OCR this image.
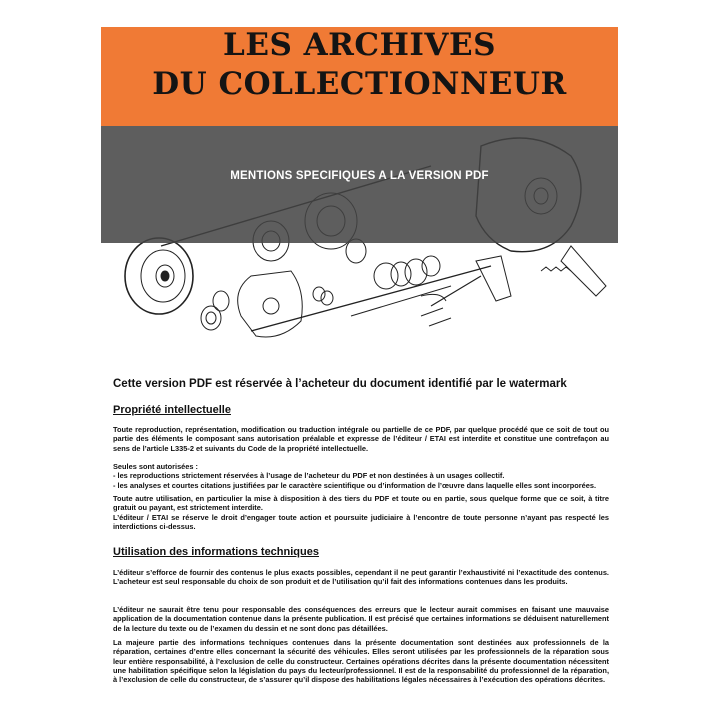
LES ARCHIVES
DU COLLECTIONNEUR
MENTIONS SPECIFIQUES A LA VERSION PDF
Cette version PDF est réservée à l’acheteur du document identifié par le watermark
Propriété intellectuelle
Toute reproduction, représentation, modification ou traduction intégrale ou partielle de ce PDF, par quelque procédé que ce soit de tout ou partie des éléments le composant sans autorisation préalable et expresse de l’éditeur / ETAI est interdite et constitue une contrefaçon au sens de l’article L335-2 et suivants du Code de la propriété intellectuelle.
Seules sont autorisées :
- les reproductions strictement réservées à l’usage de l’acheteur du PDF et non destinées à un usages collectif.
- les analyses et courtes citations justifiées par le caractère scientifique ou d’information de l’œuvre dans laquelle elles sont incorporées.
Toute autre utilisation, en particulier la mise à disposition à des tiers du PDF et toute ou en partie, sous quelque forme que ce soit, à titre gratuit ou payant, est strictement interdite.
L’éditeur / ETAI se réserve le droit d’engager toute action et poursuite judiciaire à l’encontre de toute personne n’ayant pas respecté les interdictions ci-dessus.
Utilisation des informations techniques
L’éditeur s’efforce de fournir des contenus le plus exacts possibles, cependant il ne peut garantir l’exhaustivité ni l’exactitude des contenus. L’acheteur est seul responsable du choix de son produit et de l’utilisation qu’il fait des informations contenues dans les produits.
L’éditeur ne saurait être tenu pour responsable des conséquences des erreurs que le lecteur aurait commises en faisant une mauvaise application de la documentation contenue dans la présente publication. Il est précisé que certaines informations se déduisent naturellement de la lecture du texte ou de l’examen du dessin et ne sont donc pas détaillées.
La majeure partie des informations techniques contenues dans la présente documentation sont destinées aux professionnels de la réparation, certaines d’entre elles concernant la sécurité des véhicules. Elles seront utilisées par les professionnels de la réparation sous leur entière responsabilité, à l’exclusion de celle du constructeur. Certaines opérations décrites dans la présente documentation nécessitent une habilitation spécifique selon la législation du pays du lecteur/professionnel. Il est de la responsabilité du professionnel de la réparation, à l’exclusion de celle du constructeur, de s’assurer qu’il dispose des habilitations légales nécessaires à l’exécution des opérations décrites.
